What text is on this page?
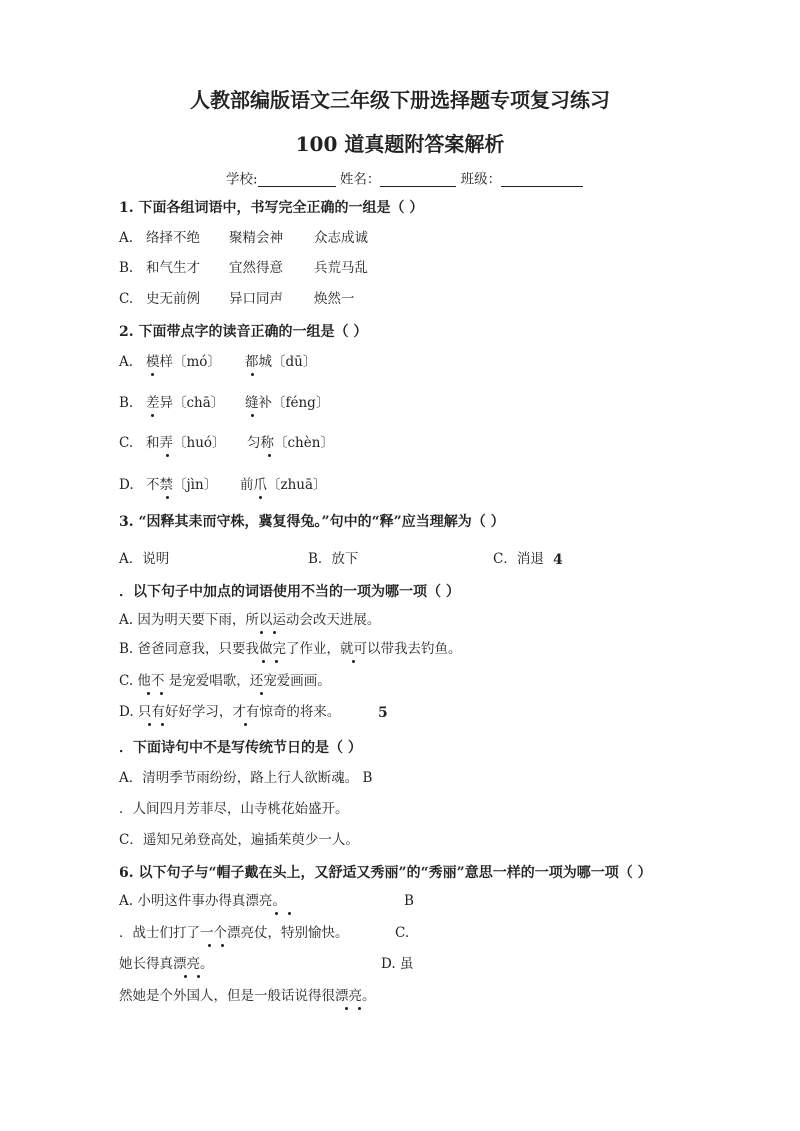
人教部编版语文三年级下册选择题专项复习练习
100 道真题附答案解析
学校:	姓名：	班级：
1. 下面各组词语中，书写完全正确的一组是（ ）
A. 络择不绝 聚精会神 众志成诚
B. 和气生才 宜然得意 兵荒马乱
C. 史无前例 异口同声 焕然一
2. 下面带点字的读音正确的一组是（ ）
A. 模样〔mó〕 都城〔dū〕
B. 差异〔chā〕 缝补〔féng〕
C. 和弄〔huó〕 匀称〔chèn〕
D. 不禁〔jìn〕 前爪〔zhuā〕
3. “因释其耒而守株，冀复得兔。”句中的“释”应当理解为（ ）
A．说明	B．放下	C．消退 4
．以下句子中加点的词语使用不当的一项为哪一项（ ）
A. 因为明天要下雨，所以运动会改天进展。
B. 爸爸同意我，只要我做完了作业，就可以带我去钓鱼。
C. 他不 是宠爱唱歌，还宠爱画画。
D. 只有好好学习，才有惊奇的将来。	5
．下面诗句中不是写传统节日的是（ ）
A．清明季节雨纷纷，路上行人欲断魂。 B
．人间四月芳菲尽，山寺桃花始盛开。
C．遥知兄弟登高处，遍插茱萸少一人。
6. 以下句子与“帽子戴在头上，又舒适又秀丽”的“秀丽”意思一样的一项为哪一项（ ）
A. 小明这件事办得真漂亮。	B
．战士们打了一个漂亮仗，特别愉快。	C.
她长得真漂亮。	D. 虽
然她是个外国人，但是一般话说得很漂亮。
